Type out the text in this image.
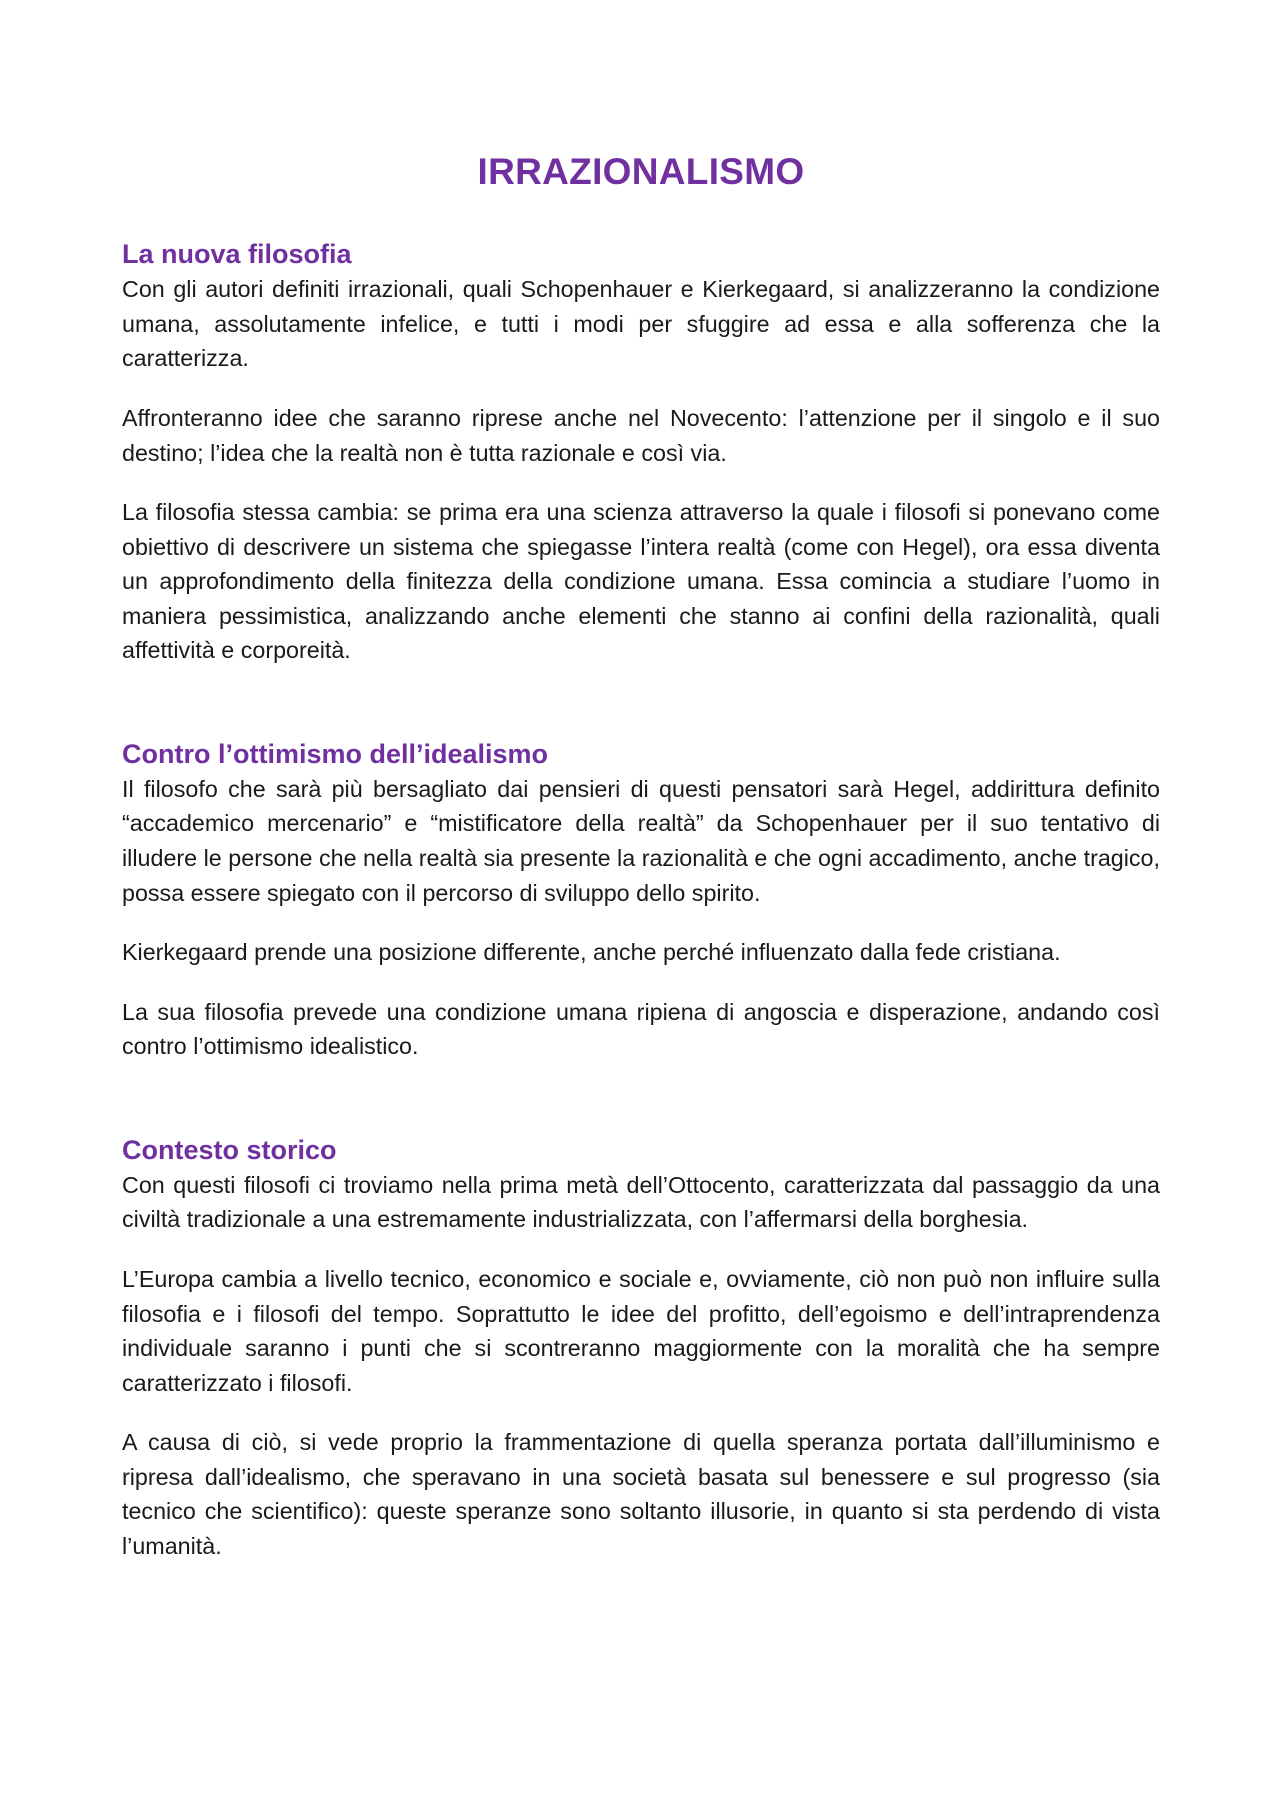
IRRAZIONALISMO
La nuova filosofia

Con gli autori definiti irrazionali, quali Schopenhauer e Kierkegaard, si analizzeranno la condizione umana, assolutamente infelice, e tutti i modi per sfuggire ad essa e alla sofferenza che la caratterizza.

Affronteranno idee che saranno riprese anche nel Novecento: l’attenzione per il singolo e il suo destino; l’idea che la realtà non è tutta razionale e così via.

La filosofia stessa cambia: se prima era una scienza attraverso la quale i filosofi si ponevano come obiettivo di descrivere un sistema che spiegasse l’intera realtà (come con Hegel), ora essa diventa un approfondimento della finitezza della condizione umana. Essa comincia a studiare l’uomo in maniera pessimistica, analizzando anche elementi che stanno ai confini della razionalità, quali affettività e corporeità.

Contro l’ottimismo dell’idealismo

Il filosofo che sarà più bersagliato dai pensieri di questi pensatori sarà Hegel, addirittura definito “accademico mercenario” e “mistificatore della realtà” da Schopenhauer per il suo tentativo di illudere le persone che nella realtà sia presente la razionalità e che ogni accadimento, anche tragico, possa essere spiegato con il percorso di sviluppo dello spirito.

Kierkegaard prende una posizione differente, anche perché influenzato dalla fede cristiana.

La sua filosofia prevede una condizione umana ripiena di angoscia e disperazione, andando così contro l’ottimismo idealistico.

Contesto storico

Con questi filosofi ci troviamo nella prima metà dell’Ottocento, caratterizzata dal passaggio da una civiltà tradizionale a una estremamente industrializzata, con l’affermarsi della borghesia.

L’Europa cambia a livello tecnico, economico e sociale e, ovviamente, ciò non può non influire sulla filosofia e i filosofi del tempo. Soprattutto le idee del profitto, dell’egoismo e dell’intraprendenza individuale saranno i punti che si scontreranno maggiormente con la moralità che ha sempre caratterizzato i filosofi.

A causa di ciò, si vede proprio la frammentazione di quella speranza portata dall’illuminismo e ripresa dall’idealismo, che speravano in una società basata sul benessere e sul progresso (sia tecnico che scientifico): queste speranze sono soltanto illusorie, in quanto si sta perdendo di vista l’umanità.
